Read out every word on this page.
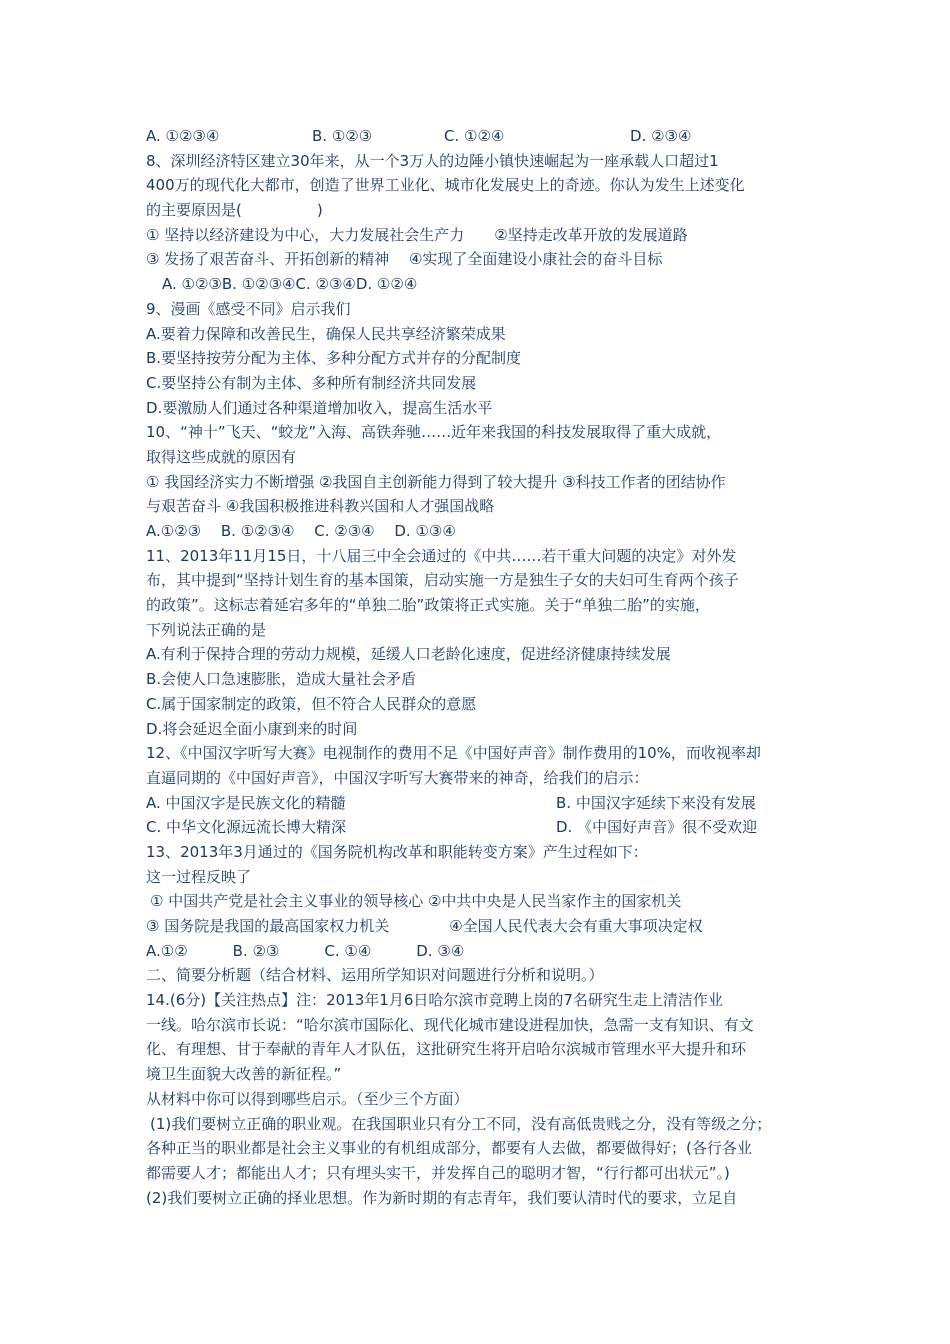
A. ①②③④	B. ①②③	C. ①②④	D. ②③④
8、深圳经济特区建立30年来，从一个3万人的边陲小镇快速崛起为一座承载人口超过1
400万的现代化大都市，创造了世界工业化、城市化发展史上的奇迹。你认为发生上述变化
的主要原因是(　　　　　)
① 坚持以经济建设为中心，大力发展社会生产力　　②坚持走改革开放的发展道路
③ 发扬了艰苦奋斗、开拓创新的精神　 ④实现了全面建设小康社会的奋斗目标
A. ①②③B. ①②③④C. ②③④D. ①②④
9、漫画《感受不同》启示我们
A.要着力保障和改善民生，确保人民共享经济繁荣成果
B.要坚持按劳分配为主体、多种分配方式并存的分配制度
C.要坚持公有制为主体、多种所有制经济共同发展
D.要激励人们通过各种渠道增加收入，提高生活水平
10、“神十”飞天、“蛟龙”入海、高铁奔驰……近年来我国的科技发展取得了重大成就，
取得这些成就的原因有
① 我国经济实力不断增强 ②我国自主创新能力得到了较大提升 ③科技工作者的团结协作
与艰苦奋斗 ④我国积极推进科教兴国和人才强国战略
A.①②③　 B. ①②③④　 C. ②③④　 D. ①③④
11、2013年11月15日，十八届三中全会通过的《中共……若干重大问题的决定》对外发
布，其中提到“坚持计划生育的基本国策，启动实施一方是独生子女的夫妇可生育两个孩子
的政策”。这标志着延宕多年的“单独二胎”政策将正式实施。关于“单独二胎”的实施，
下列说法正确的是
A.有利于保持合理的劳动力规模，延缓人口老龄化速度，促进经济健康持续发展
B.会使人口急速膨胀，造成大量社会矛盾
C.属于国家制定的政策，但不符合人民群众的意愿
D.将会延迟全面小康到来的时间
12、《中国汉字听写大赛》电视制作的费用不足《中国好声音》制作费用的10%，而收视率却
直逼同期的《中国好声音》，中国汉字听写大赛带来的神奇，给我们的启示：
A. 中国汉字是民族文化的精髓	B. 中国汉字延续下来没有发展
C. 中华文化源远流长博大精深	D. 《中国好声音》很不受欢迎
13、2013年3月通过的《国务院机构改革和职能转变方案》产生过程如下：
这一过程反映了
① 中国共产党是社会主义事业的领导核心 ②中共中央是人民当家作主的国家机关
③ 国务院是我国的最高国家权力机关　　　　④全国人民代表大会有重大事项决定权
A.①②　　　B. ②③　　　C. ①④　　　D. ③④
二、简要分析题（结合材料、运用所学知识对问题进行分析和说明。）
14.(6分)【关注热点】注：2013年1月6日哈尔滨市竞聘上岗的7名研究生走上清洁作业
一线。哈尔滨市长说：“哈尔滨市国际化、现代化城市建设进程加快，急需一支有知识、有文
化、有理想、甘于奉献的青年人才队伍，这批研究生将开启哈尔滨城市管理水平大提升和环
境卫生面貌大改善的新征程。”
从材料中你可以得到哪些启示。（至少三个方面）
(1)我们要树立正确的职业观。在我国职业只有分工不同，没有高低贵贱之分，没有等级之分；
各种正当的职业都是社会主义事业的有机组成部分，都要有人去做，都要做得好；(各行各业
都需要人才；都能出人才；只有埋头实干，并发挥自己的聪明才智，“行行都可出状元”。)
(2)我们要树立正确的择业思想。作为新时期的有志青年，我们要认清时代的要求，立足自
